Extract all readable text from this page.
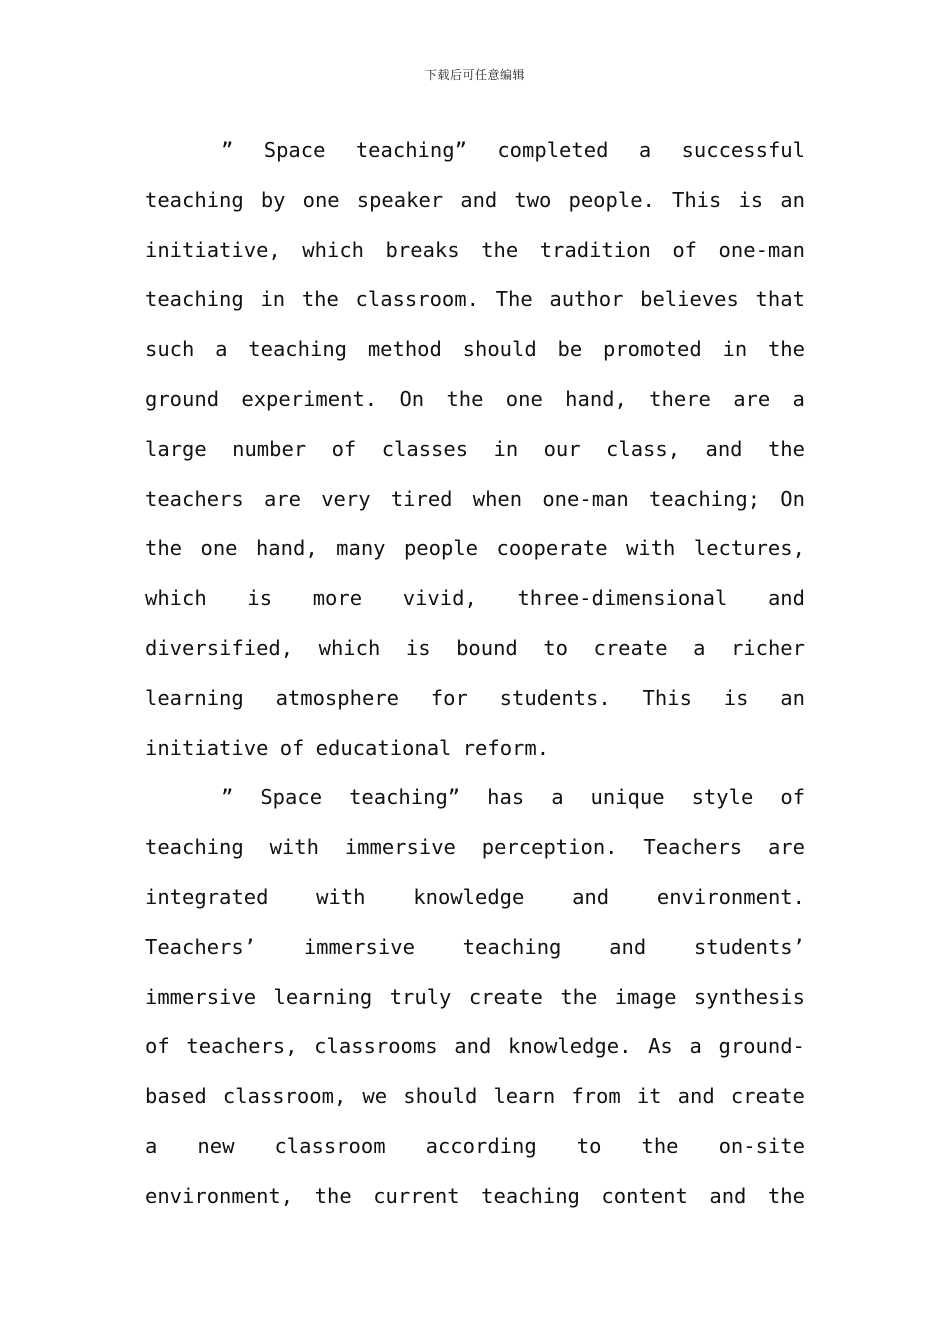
下载后可任意编辑
” Space teaching” completed a successful
teaching by one speaker and two people. This is an
initiative, which breaks the tradition of one-man
teaching in the classroom. The author believes that
such a teaching method should be promoted in the
ground experiment. On the one hand, there are a
large number of classes in our class, and the
teachers are very tired when one-man teaching; On
the one hand, many people cooperate with lectures,
which is more vivid, three-dimensional and
diversified, which is bound to create a richer
learning atmosphere for students. This is an
initiative of educational reform.
” Space teaching” has a unique style of
teaching with immersive perception. Teachers are
integrated with knowledge and environment.
Teachers’ immersive teaching and students’
immersive learning truly create the image synthesis
of teachers, classrooms and knowledge. As a ground-
based classroom, we should learn from it and create
a new classroom according to the on-site
environment, the current teaching content and the
